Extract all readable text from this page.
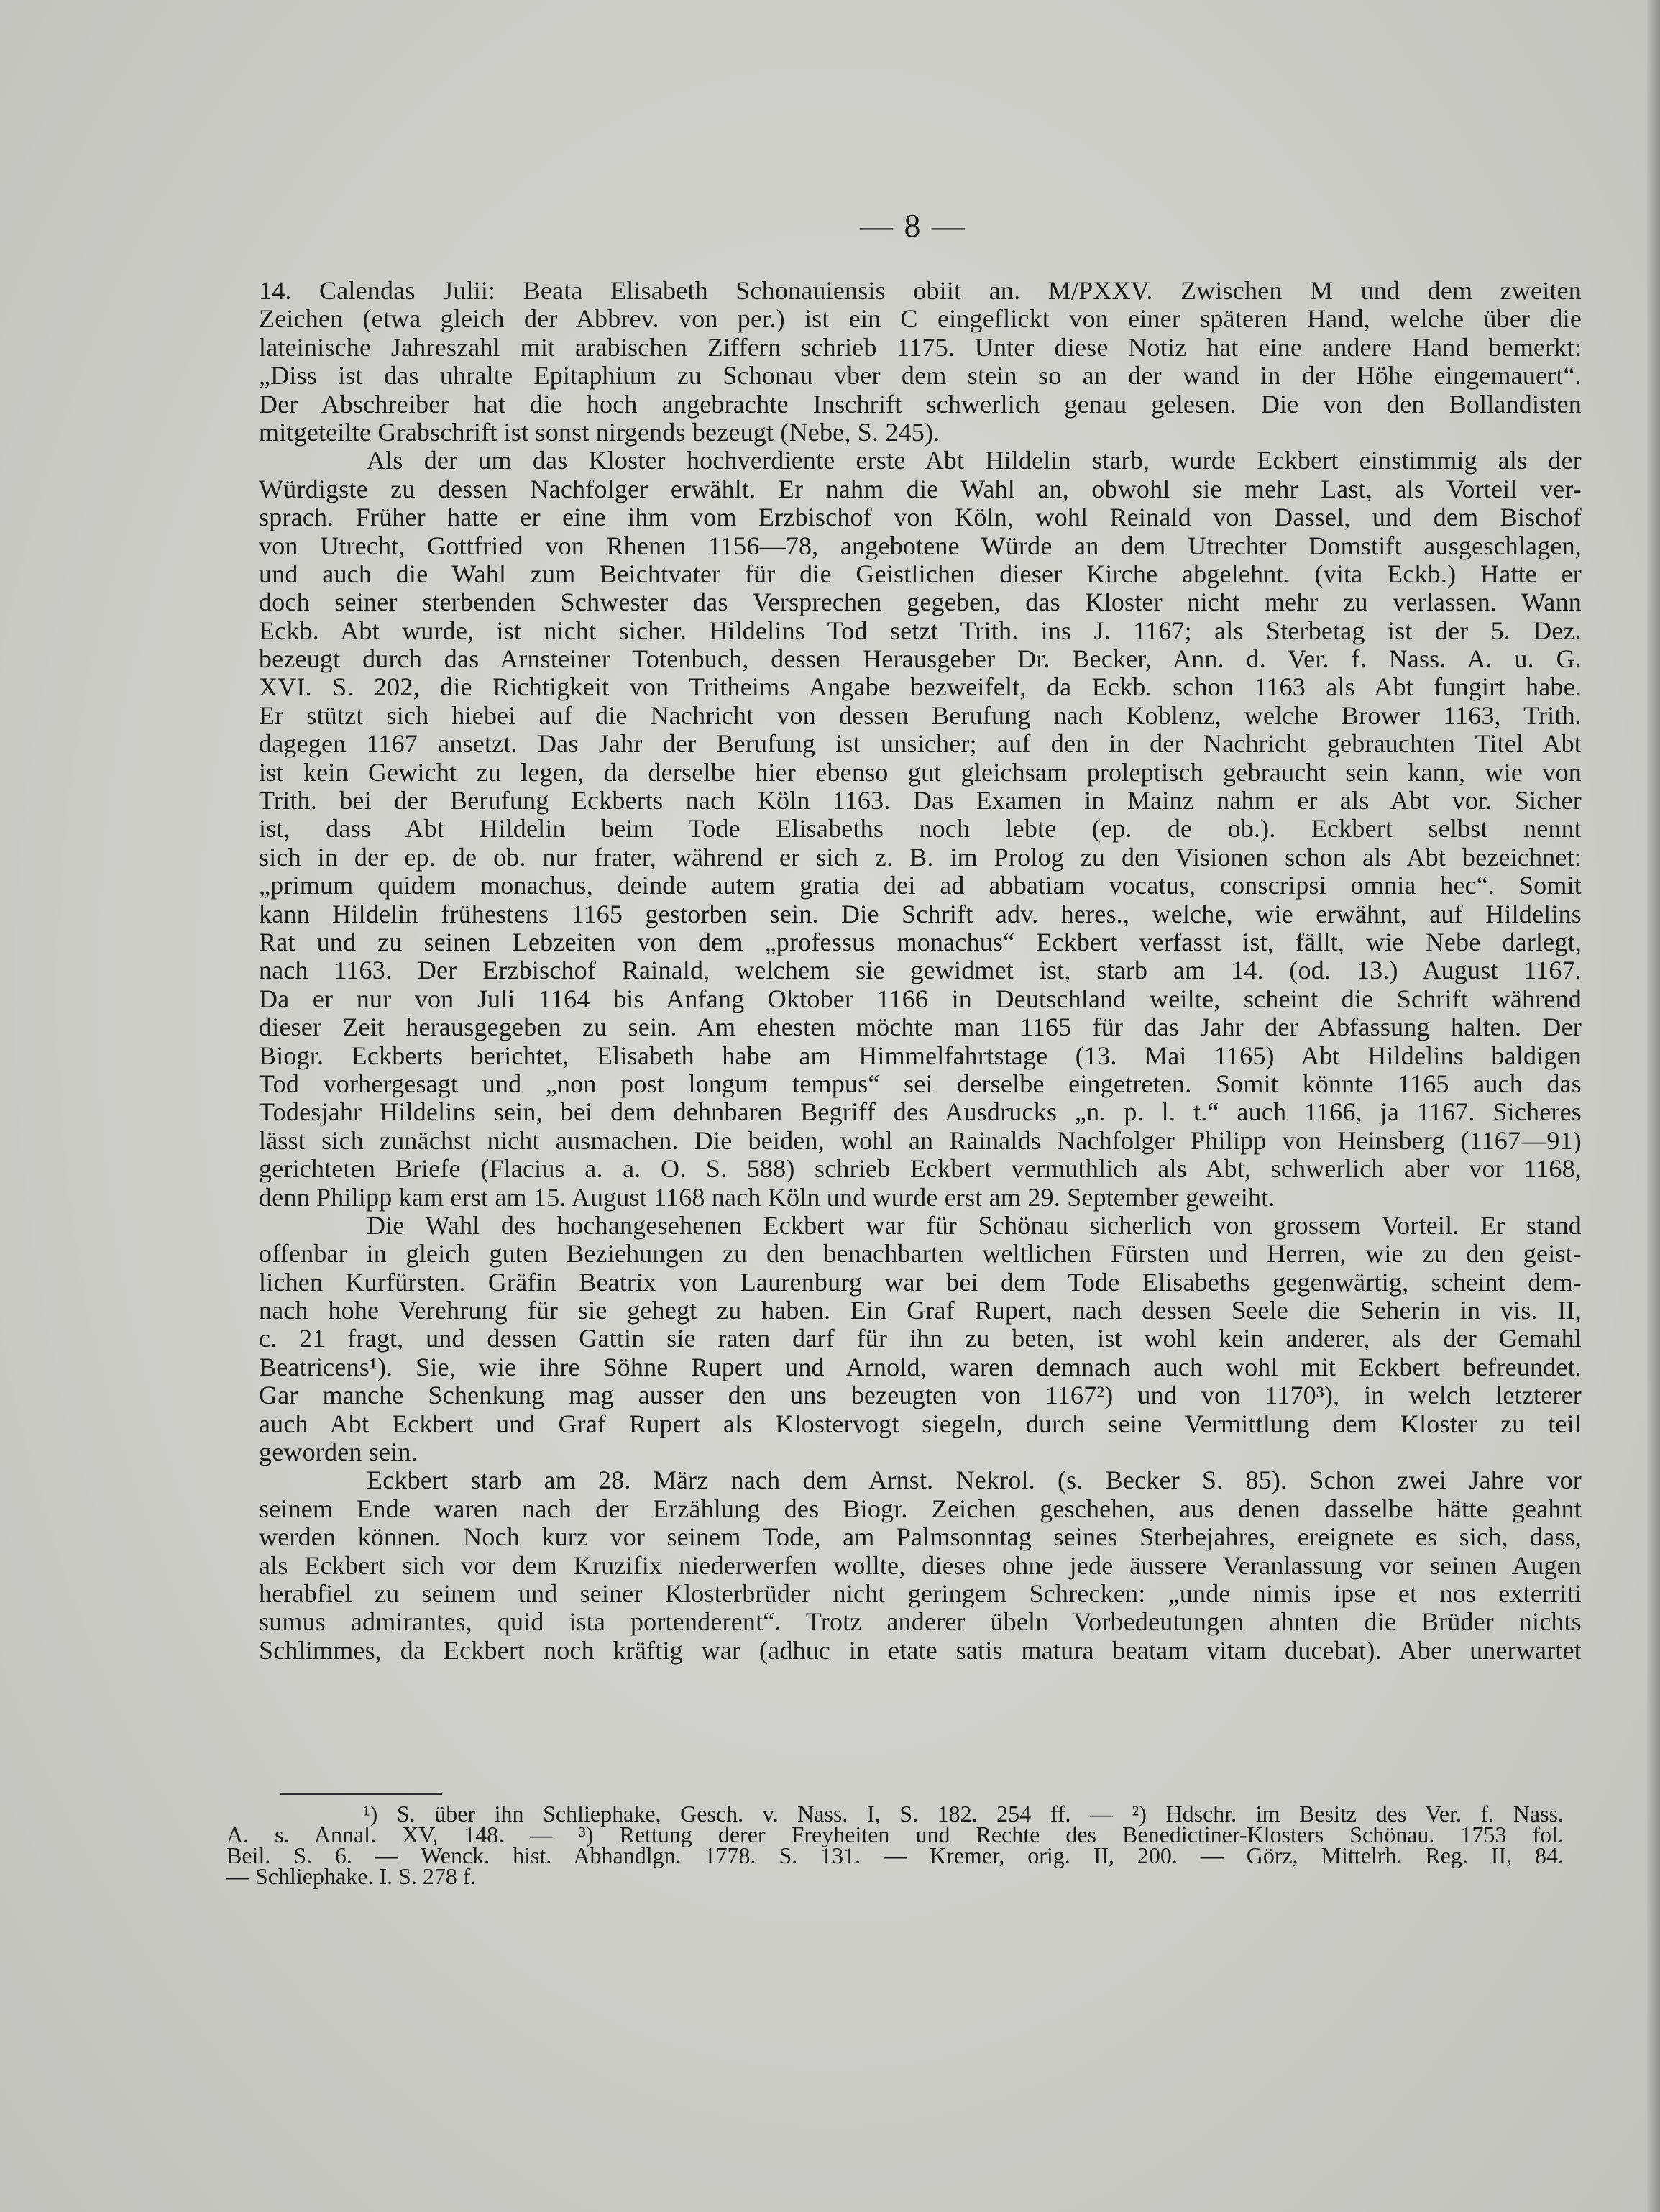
— 8 —
14. Calendas Julii: Beata Elisabeth Schonauiensis obiit an. M/PXXV. Zwischen M und dem zweiten
Zeichen (etwa gleich der Abbrev. von per.) ist ein C eingeflickt von einer späteren Hand, welche über die
lateinische Jahreszahl mit arabischen Ziffern schrieb 1175. Unter diese Notiz hat eine andere Hand bemerkt:
„Diss ist das uhralte Epitaphium zu Schonau vber dem stein so an der wand in der Höhe eingemauert“.
Der Abschreiber hat die hoch angebrachte Inschrift schwerlich genau gelesen. Die von den Bollandisten
mitgeteilte Grabschrift ist sonst nirgends bezeugt (Nebe, S. 245).
Als der um das Kloster hochverdiente erste Abt Hildelin starb, wurde Eckbert einstimmig als der
Würdigste zu dessen Nachfolger erwählt. Er nahm die Wahl an, obwohl sie mehr Last, als Vorteil ver-
sprach. Früher hatte er eine ihm vom Erzbischof von Köln, wohl Reinald von Dassel, und dem Bischof
von Utrecht, Gottfried von Rhenen 1156—78, angebotene Würde an dem Utrechter Domstift ausgeschlagen,
und auch die Wahl zum Beichtvater für die Geistlichen dieser Kirche abgelehnt. (vita Eckb.) Hatte er
doch seiner sterbenden Schwester das Versprechen gegeben, das Kloster nicht mehr zu verlassen. Wann
Eckb. Abt wurde, ist nicht sicher. Hildelins Tod setzt Trith. ins J. 1167; als Sterbetag ist der 5. Dez.
bezeugt durch das Arnsteiner Totenbuch, dessen Herausgeber Dr. Becker, Ann. d. Ver. f. Nass. A. u. G.
XVI. S. 202, die Richtigkeit von Tritheims Angabe bezweifelt, da Eckb. schon 1163 als Abt fungirt habe.
Er stützt sich hiebei auf die Nachricht von dessen Berufung nach Koblenz, welche Brower 1163, Trith.
dagegen 1167 ansetzt. Das Jahr der Berufung ist unsicher; auf den in der Nachricht gebrauchten Titel Abt
ist kein Gewicht zu legen, da derselbe hier ebenso gut gleichsam proleptisch gebraucht sein kann, wie von
Trith. bei der Berufung Eckberts nach Köln 1163. Das Examen in Mainz nahm er als Abt vor. Sicher
ist, dass Abt Hildelin beim Tode Elisabeths noch lebte (ep. de ob.). Eckbert selbst nennt
sich in der ep. de ob. nur frater, während er sich z. B. im Prolog zu den Visionen schon als Abt bezeichnet:
„primum quidem monachus, deinde autem gratia dei ad abbatiam vocatus, conscripsi omnia hec“. Somit
kann Hildelin frühestens 1165 gestorben sein. Die Schrift adv. heres., welche, wie erwähnt, auf Hildelins
Rat und zu seinen Lebzeiten von dem „professus monachus“ Eckbert verfasst ist, fällt, wie Nebe darlegt,
nach 1163. Der Erzbischof Rainald, welchem sie gewidmet ist, starb am 14. (od. 13.) August 1167.
Da er nur von Juli 1164 bis Anfang Oktober 1166 in Deutschland weilte, scheint die Schrift während
dieser Zeit herausgegeben zu sein. Am ehesten möchte man 1165 für das Jahr der Abfassung halten. Der
Biogr. Eckberts berichtet, Elisabeth habe am Himmelfahrtstage (13. Mai 1165) Abt Hildelins baldigen
Tod vorhergesagt und „non post longum tempus“ sei derselbe eingetreten. Somit könnte 1165 auch das
Todesjahr Hildelins sein, bei dem dehnbaren Begriff des Ausdrucks „n. p. l. t.“ auch 1166, ja 1167. Sicheres
lässt sich zunächst nicht ausmachen. Die beiden, wohl an Rainalds Nachfolger Philipp von Heinsberg (1167—91)
gerichteten Briefe (Flacius a. a. O. S. 588) schrieb Eckbert vermuthlich als Abt, schwerlich aber vor 1168,
denn Philipp kam erst am 15. August 1168 nach Köln und wurde erst am 29. September geweiht.
Die Wahl des hochangesehenen Eckbert war für Schönau sicherlich von grossem Vorteil. Er stand
offenbar in gleich guten Beziehungen zu den benachbarten weltlichen Fürsten und Herren, wie zu den geist-
lichen Kurfürsten. Gräfin Beatrix von Laurenburg war bei dem Tode Elisabeths gegenwärtig, scheint dem-
nach hohe Verehrung für sie gehegt zu haben. Ein Graf Rupert, nach dessen Seele die Seherin in vis. II,
c. 21 fragt, und dessen Gattin sie raten darf für ihn zu beten, ist wohl kein anderer, als der Gemahl
Beatricens¹). Sie, wie ihre Söhne Rupert und Arnold, waren demnach auch wohl mit Eckbert befreundet.
Gar manche Schenkung mag ausser den uns bezeugten von 1167²) und von 1170³), in welch letzterer
auch Abt Eckbert und Graf Rupert als Klostervogt siegeln, durch seine Vermittlung dem Kloster zu teil
geworden sein.
Eckbert starb am 28. März nach dem Arnst. Nekrol. (s. Becker S. 85). Schon zwei Jahre vor
seinem Ende waren nach der Erzählung des Biogr. Zeichen geschehen, aus denen dasselbe hätte geahnt
werden können. Noch kurz vor seinem Tode, am Palmsonntag seines Sterbejahres, ereignete es sich, dass,
als Eckbert sich vor dem Kruzifix niederwerfen wollte, dieses ohne jede äussere Veranlassung vor seinen Augen
herabfiel zu seinem und seiner Klosterbrüder nicht geringem Schrecken: „unde nimis ipse et nos exterriti
sumus admirantes, quid ista portenderent“. Trotz anderer übeln Vorbedeutungen ahnten die Brüder nichts
Schlimmes, da Eckbert noch kräftig war (adhuc in etate satis matura beatam vitam ducebat). Aber unerwartet
¹) S. über ihn Schliephake, Gesch. v. Nass. I, S. 182. 254 ff. — ²) Hdschr. im Besitz des Ver. f. Nass.
A. s. Annal. XV, 148. — ³) Rettung derer Freyheiten und Rechte des Benedictiner-Klosters Schönau. 1753 fol.
Beil. S. 6. — Wenck. hist. Abhandlgn. 1778. S. 131. — Kremer, orig. II, 200. — Görz, Mittelrh. Reg. II, 84.
— Schliephake. I. S. 278 f.
